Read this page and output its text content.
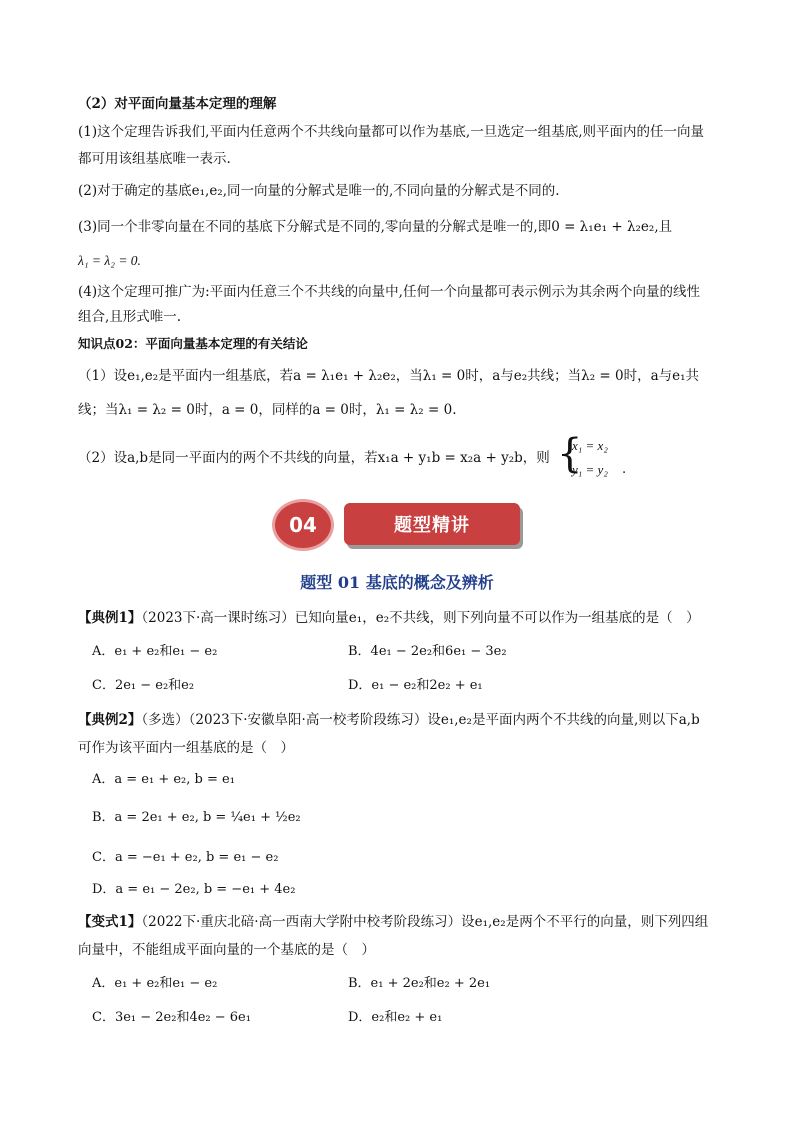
（2）对平面向量基本定理的理解
(1)这个定理告诉我们,平面内任意两个不共线向量都可以作为基底,一旦选定一组基底,则平面内的任一向量
都可用该组基底唯一表示.
(2)对于确定的基底e₁,e₂,同一向量的分解式是唯一的,不同向量的分解式是不同的.
(3)同一个非零向量在不同的基底下分解式是不同的,零向量的分解式是唯一的,即0 = λ₁e₁ + λ₂e₂,且
λ₁ = λ₂ = 0.
(4)这个定理可推广为:平面内任意三个不共线的向量中,任何一个向量都可表示例示为其余两个向量的线性
组合,且形式唯一.
知识点02：平面向量基本定理的有关结论
（1）设e₁,e₂是平面内一组基底，若a = λ₁e₁ + λ₂e₂，当λ₁ = 0时，a与e₂共线；当λ₂ = 0时，a与e₁共
线；当λ₁ = λ₂ = 0时，a = 0，同样的a = 0时，λ₁ = λ₂ = 0.
（2）设a,b是同一平面内的两个不共线的向量，若x₁a + y₁b = x₂a + y₂b，则 {
x₁ = x₂
y₁ = y₂ .
04	题型精讲
题型 01 基底的概念及辨析
【典例1】（2023下·高一课时练习）已知向量e₁，e₂不共线，则下列向量不可以作为一组基底的是（　）
A．e₁ + e₂和e₁ − e₂	B．4e₁ − 2e₂和6e₁ − 3e₂
C．2e₁ − e₂和e₂	D．e₁ − e₂和2e₂ + e₁
【典例2】（多选）（2023下·安徽阜阳·高一校考阶段练习）设e₁,e₂是平面内两个不共线的向量,则以下a,b
可作为该平面内一组基底的是（　）
A．a = e₁ + e₂, b = e₁
B．a = 2e₁ + e₂, b = ¼e₁ + ½e₂
C．a = −e₁ + e₂, b = e₁ − e₂
D．a = e₁ − 2e₂, b = −e₁ + 4e₂
【变式1】（2022下·重庆北碚·高一西南大学附中校考阶段练习）设e₁,e₂是两个不平行的向量，则下列四组
向量中，不能组成平面向量的一个基底的是（　）
A．e₁ + e₂和e₁ − e₂	B．e₁ + 2e₂和e₂ + 2e₁
C．3e₁ − 2e₂和4e₂ − 6e₁	D．e₂和e₂ + e₁
